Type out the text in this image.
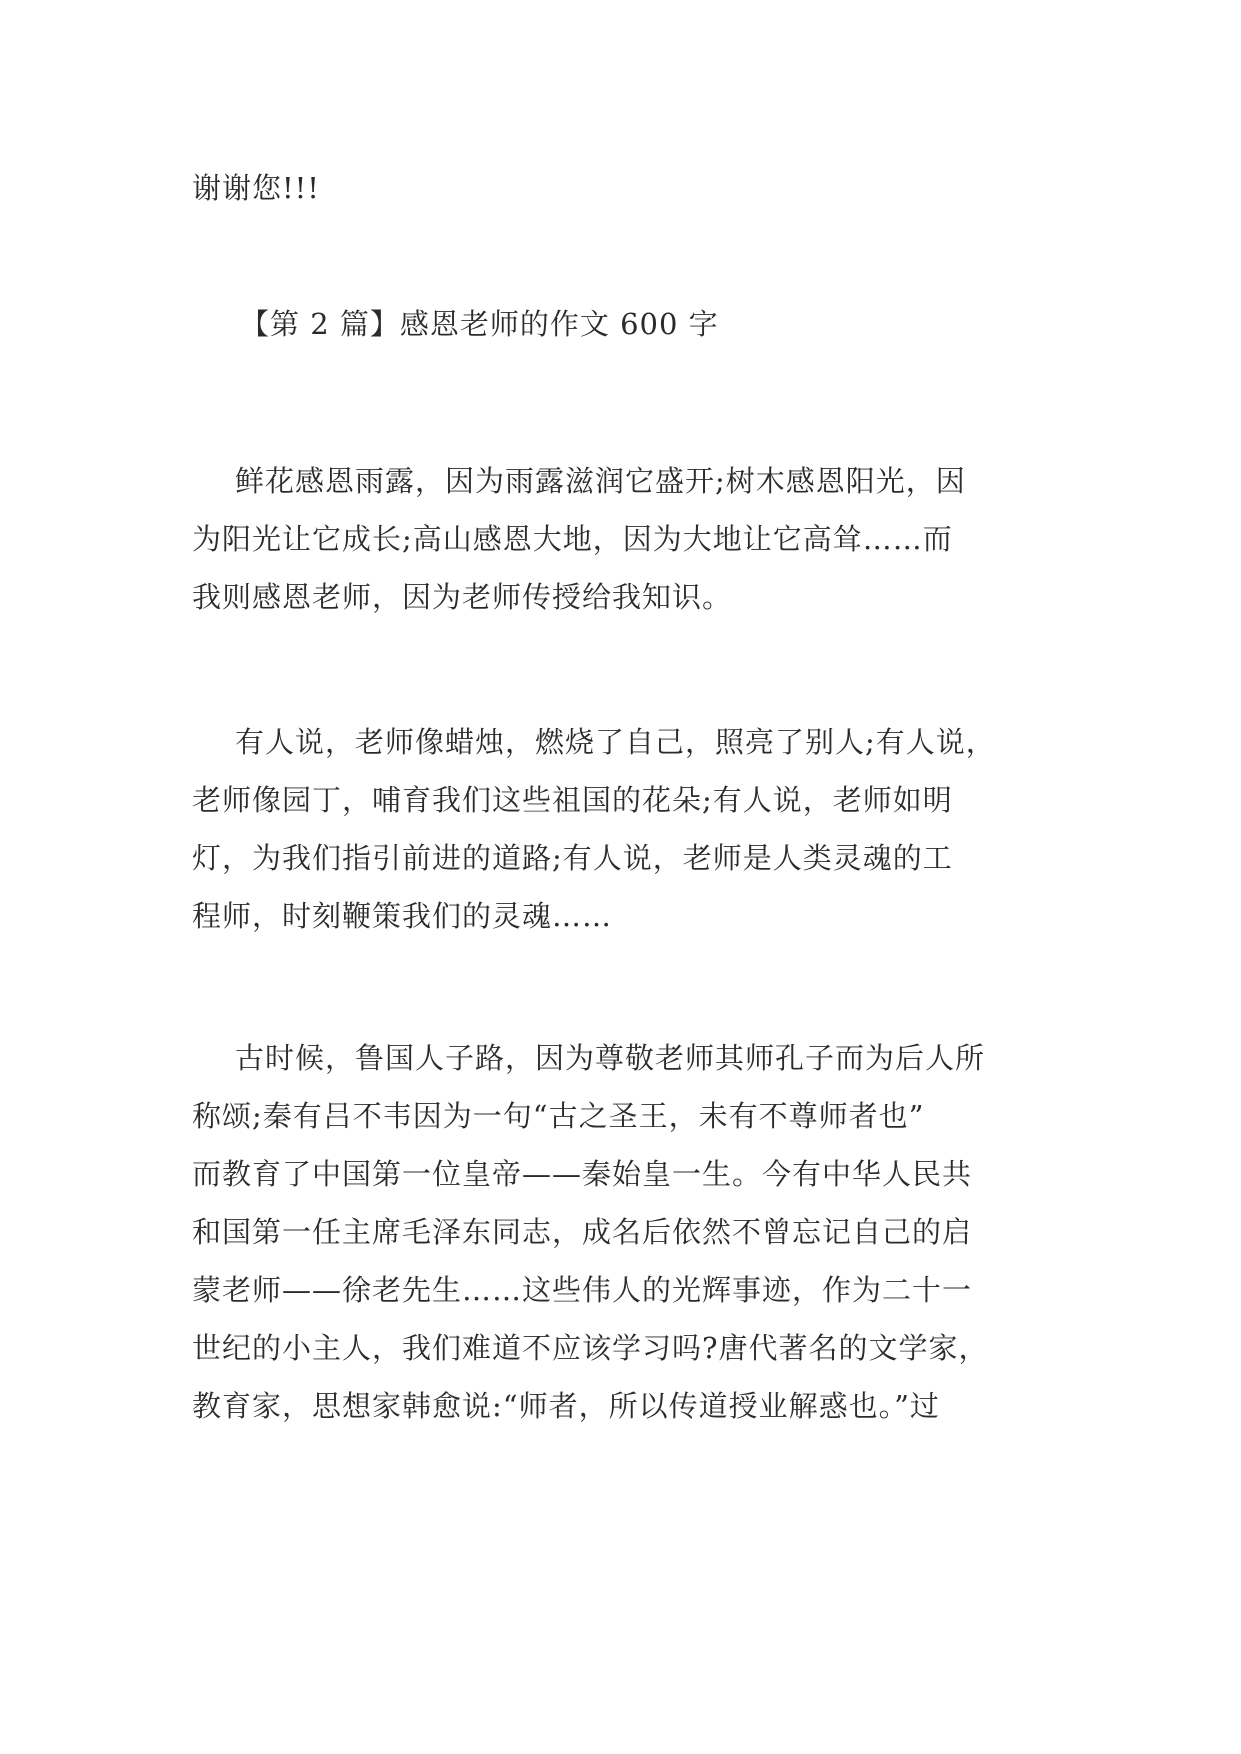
谢谢您!!!

【第 2 篇】感恩老师的作文 600 字

鲜花感恩雨露，因为雨露滋润它盛开;树木感恩阳光，因
为阳光让它成长;高山感恩大地，因为大地让它高耸……而
我则感恩老师，因为老师传授给我知识。

有人说，老师像蜡烛，燃烧了自己，照亮了别人;有人说，
老师像园丁，哺育我们这些祖国的花朵;有人说，老师如明
灯，为我们指引前进的道路;有人说，老师是人类灵魂的工
程师，时刻鞭策我们的灵魂……

古时候，鲁国人子路，因为尊敬老师其师孔子而为后人所
称颂;秦有吕不韦因为一句“古之圣王，未有不尊师者也”
而教育了中国第一位皇帝——秦始皇一生。今有中华人民共
和国第一任主席毛泽东同志，成名后依然不曾忘记自己的启
蒙老师——徐老先生……这些伟人的光辉事迹，作为二十一
世纪的小主人，我们难道不应该学习吗?唐代著名的文学家，
教育家，思想家韩愈说:“师者，所以传道授业解惑也。”过
